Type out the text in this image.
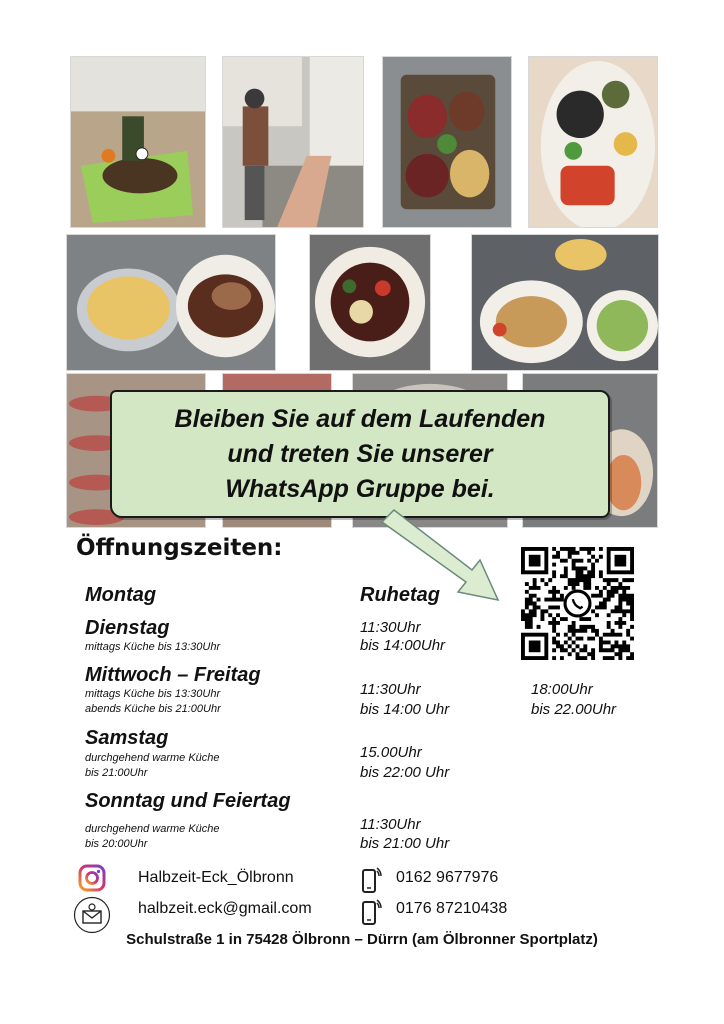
Bleiben Sie auf dem Laufenden
und treten Sie unserer
WhatsApp Gruppe bei.
Öffnungszeiten:
Montag	Ruhetag
Dienstag
mittags Küche bis 13:30Uhr
11:30Uhr
bis 14:00Uhr
Mittwoch – Freitag
mittags Küche bis 13:30Uhr
abends Küche bis 21:00Uhr
11:30Uhr
bis 14:00 Uhr
18:00Uhr
bis 22.00Uhr
Samstag
durchgehend warme Küche
bis 21:00Uhr
15.00Uhr
bis 22:00 Uhr
Sonntag und Feiertag
durchgehend warme Küche
bis 20:00Uhr
11:30Uhr
bis 21:00 Uhr
Halbzeit-Eck_Ölbronn
halbzeit.eck@gmail.com
0162 9677976
0176 87210438
Schulstraße 1 in 75428 Ölbronn – Dürrn (am Ölbronner Sportplatz)
